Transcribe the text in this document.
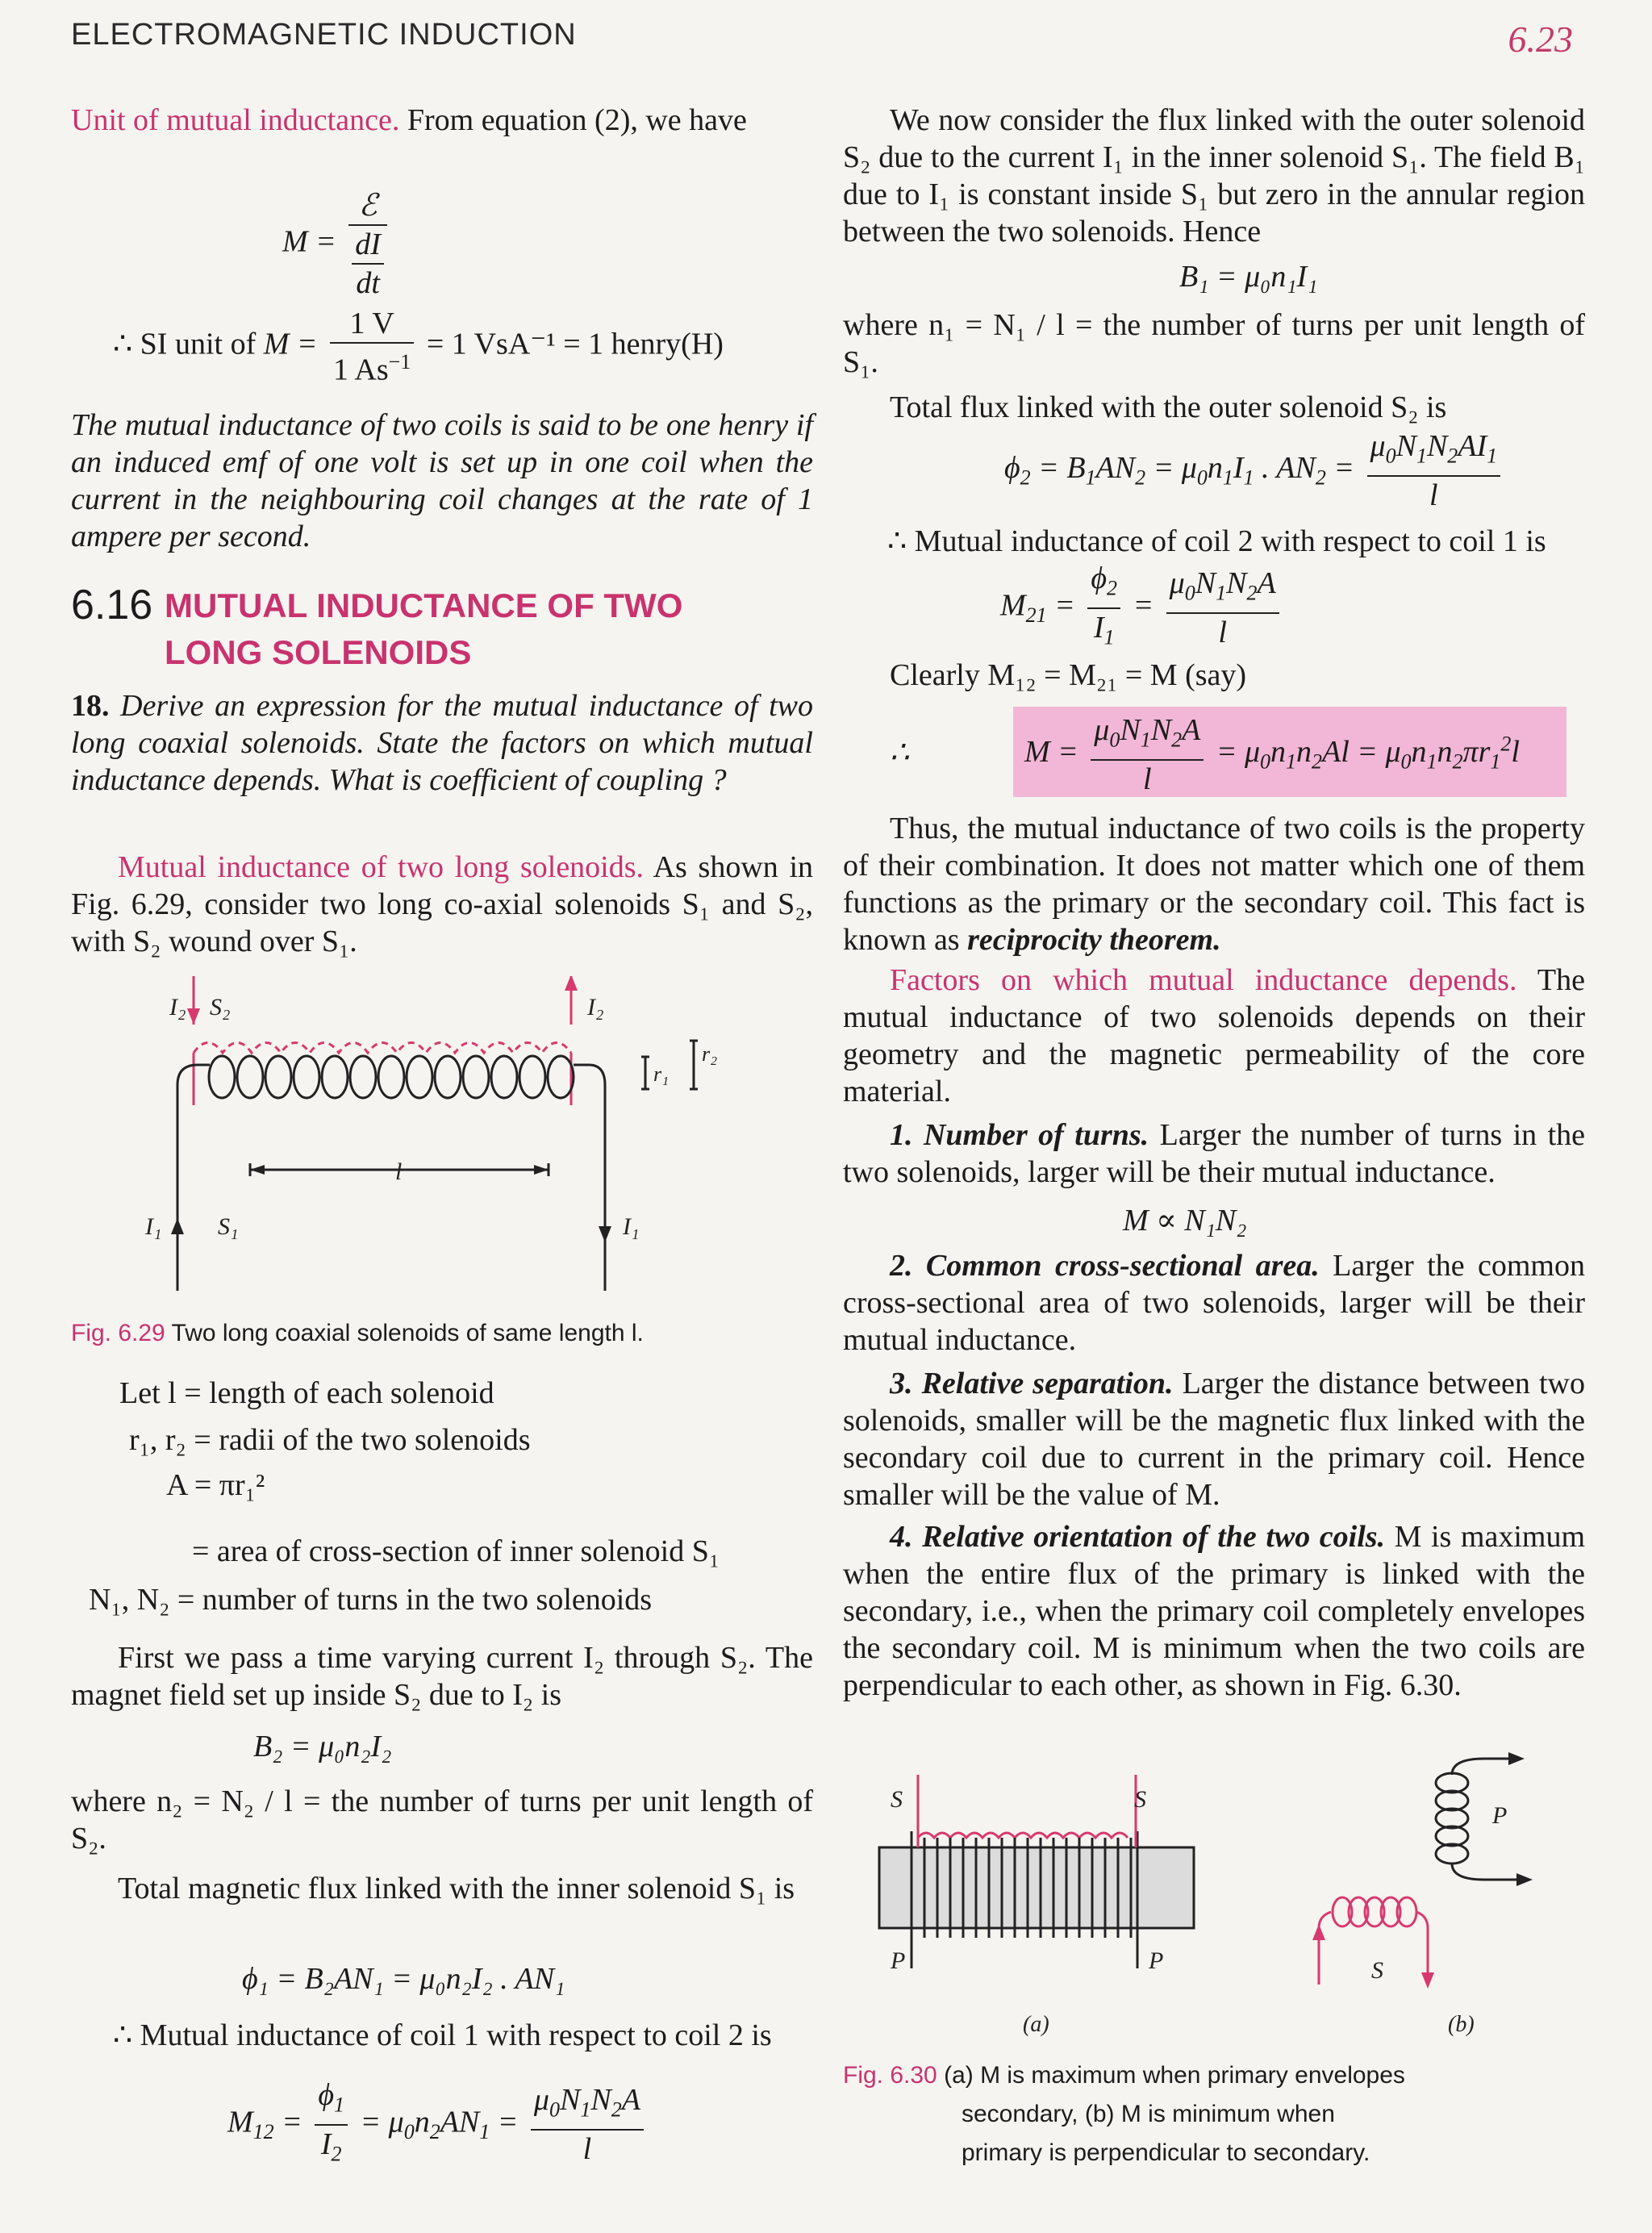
ELECTROMAGNETIC INDUCTION	6.23
Unit of mutual inductance. From equation (2), we have
$M = \frac{\text{ℰ}}{\frac{dI}{dt}}$
∴ SI unit of $M = \frac{1 V}{1 As^{-1}} = 1$ VsA⁻¹ = 1 henry(H)
The mutual inductance of two coils is said to be one henry if an induced emf of one volt is set up in one coil when the current in the neighbouring coil changes at the rate of 1 ampere per second.
6.16 MUTUAL INDUCTANCE OF TWO
LONG SOLENOIDS
18. Derive an expression for the mutual inductance of two long coaxial solenoids. State the factors on which mutual inductance depends. What is coefficient of coupling ?
Mutual inductance of two long solenoids. As shown in Fig. 6.29, consider two long co-axial solenoids S₁ and S₂, with S₂ wound over S₁.
l
I₂ S₂	I₂
r₁
r₂
I₁ S₁	I₁
Fig. 6.29 Two long coaxial solenoids of same length l.
Let l = length of each solenoid
r₁, r₂ = radii of the two solenoids
A = πr₁²
= area of cross-section of inner solenoid S₁
N₁, N₂ = number of turns in the two solenoids
First we pass a time varying current I₂ through S₂. The magnet field set up inside S₂ due to I₂ is
B₂ = μ₀n₂I₂
where n₂ = N₂ / l = the number of turns per unit length of S₂.
Total magnetic flux linked with the inner solenoid S₁ is
ϕ₁ = B₂AN₁ = μ₀n₂I₂ . AN₁
∴ Mutual inductance of coil 1 with respect to coil 2 is
$M_{12} = \frac{\phi_1}{I_2} = \mu_0n_2AN_1 = \frac{\mu_0N_1N_2A}{l}$
We now consider the flux linked with the outer solenoid S₂ due to the current I₁ in the inner solenoid S₁. The field B₁ due to I₁ is constant inside S₁ but zero in the annular region between the two solenoids. Hence
B₁ = μ₀n₁I₁
where n₁ = N₁ / l = the number of turns per unit length of S₁.
Total flux linked with the outer solenoid S₂ is
$\phi_2 = B_1AN_2 = \mu_0n_1I_1$ . $AN_2 = \frac{\mu_0N_1N_2AI_1}{l}$
∴ Mutual inductance of coil 2 with respect to coil 1 is
$M_{21} = \frac{\phi_2}{I_1} = \frac{\mu_0N_1N_2A}{l}$
Clearly M₁₂ = M₂₁ = M (say)
∴	$M = \frac{\mu_0N_1N_2A}{l} = \mu_0n_1n_2Al = \mu_0n_1n_2\pi r_1^2l$
Thus, the mutual inductance of two coils is the property of their combination. It does not matter which one of them functions as the primary or the secondary coil. This fact is known as reciprocity theorem.
Factors on which mutual inductance depends. The mutual inductance of two solenoids depends on their geometry and the magnetic permeability of the core material.
1. Number of turns. Larger the number of turns in the two solenoids, larger will be their mutual inductance.
M ∝ N₁N₂
2. Common cross-sectional area. Larger the common cross-sectional area of two solenoids, larger will be their mutual inductance.
3. Relative separation. Larger the distance between two solenoids, smaller will be the magnetic flux linked with the secondary coil due to current in the primary coil. Hence smaller will be the value of M.
4. Relative orientation of the two coils. M is maximum when the entire flux of the primary is linked with the secondary, i.e., when the primary coil completely envelopes the secondary coil. M is minimum when the two coils are perpendicular to each other, as shown in Fig. 6.30.
S	S
P	P
(a)
P
S
(b)
Fig. 6.30 (a) M is maximum when primary envelopes
secondary, (b) M is minimum when
primary is perpendicular to secondary.
